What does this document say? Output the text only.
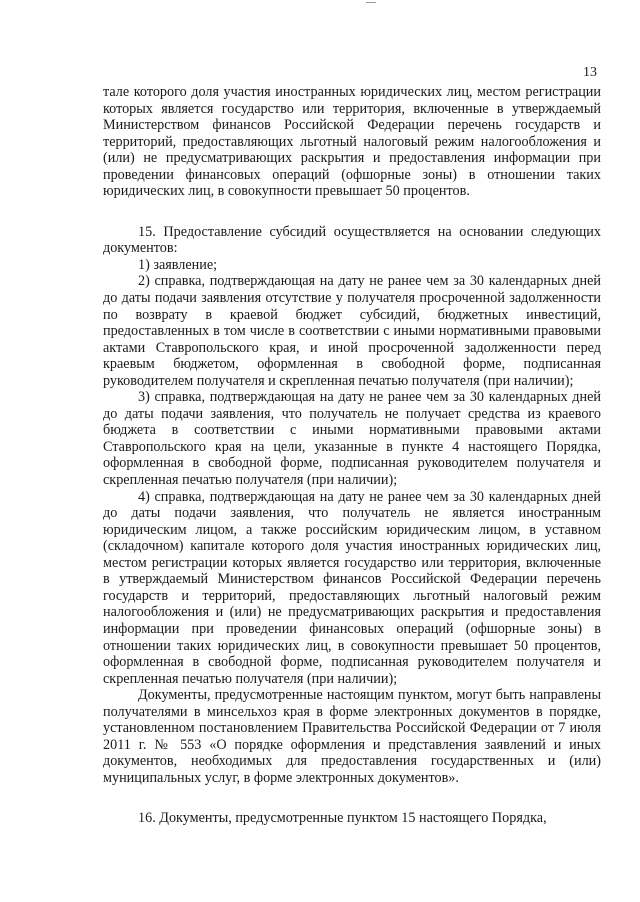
13

тале которого доля участия иностранных юридических лиц, местом регистрации которых является государство или территория, включенные в утверждаемый Министерством финансов Российской Федерации перечень государств и территорий, предоставляющих льготный налоговый режим налогообложения и (или) не предусматривающих раскрытия и предоставления информации при проведении финансовых операций (офшорные зоны) в отношении таких юридических лиц, в совокупности превышает 50 процентов.

15. Предоставление субсидий осуществляется на основании следующих документов:

1) заявление;

2) справка, подтверждающая на дату не ранее чем за 30 календарных дней до даты подачи заявления отсутствие у получателя просроченной задолженности по возврату в краевой бюджет субсидий, бюджетных инвестиций, предоставленных в том числе в соответствии с иными нормативными правовыми актами Ставропольского края, и иной просроченной задолженности перед краевым бюджетом, оформленная в свободной форме, подписанная руководителем получателя и скрепленная печатью получателя (при наличии);

3) справка, подтверждающая на дату не ранее чем за 30 календарных дней до даты подачи заявления, что получатель не получает средства из краевого бюджета в соответствии с иными нормативными правовыми актами Ставропольского края на цели, указанные в пункте 4 настоящего Порядка, оформленная в свободной форме, подписанная руководителем получателя и скрепленная печатью получателя (при наличии);

4) справка, подтверждающая на дату не ранее чем за 30 календарных дней до даты подачи заявления, что получатель не является иностранным юридическим лицом, а также российским юридическим лицом, в уставном (складочном) капитале которого доля участия иностранных юридических лиц, местом регистрации которых является государство или территория, включенные в утверждаемый Министерством финансов Российской Федерации перечень государств и территорий, предоставляющих льготный налоговый режим налогообложения и (или) не предусматривающих раскрытия и предоставления информации при проведении финансовых операций (офшорные зоны) в отношении таких юридических лиц, в совокупности превышает 50 процентов, оформленная в свободной форме, подписанная руководителем получателя и скрепленная печатью получателя (при наличии);

Документы, предусмотренные настоящим пунктом, могут быть направлены получателями в минсельхоз края в форме электронных документов в порядке, установленном постановлением Правительства Российской Федерации от 7 июля 2011 г. № 553 «О порядке оформления и представления заявлений и иных документов, необходимых для предоставления государственных и (или) муниципальных услуг, в форме электронных документов».

16. Документы, предусмотренные пунктом 15 настоящего Порядка,
